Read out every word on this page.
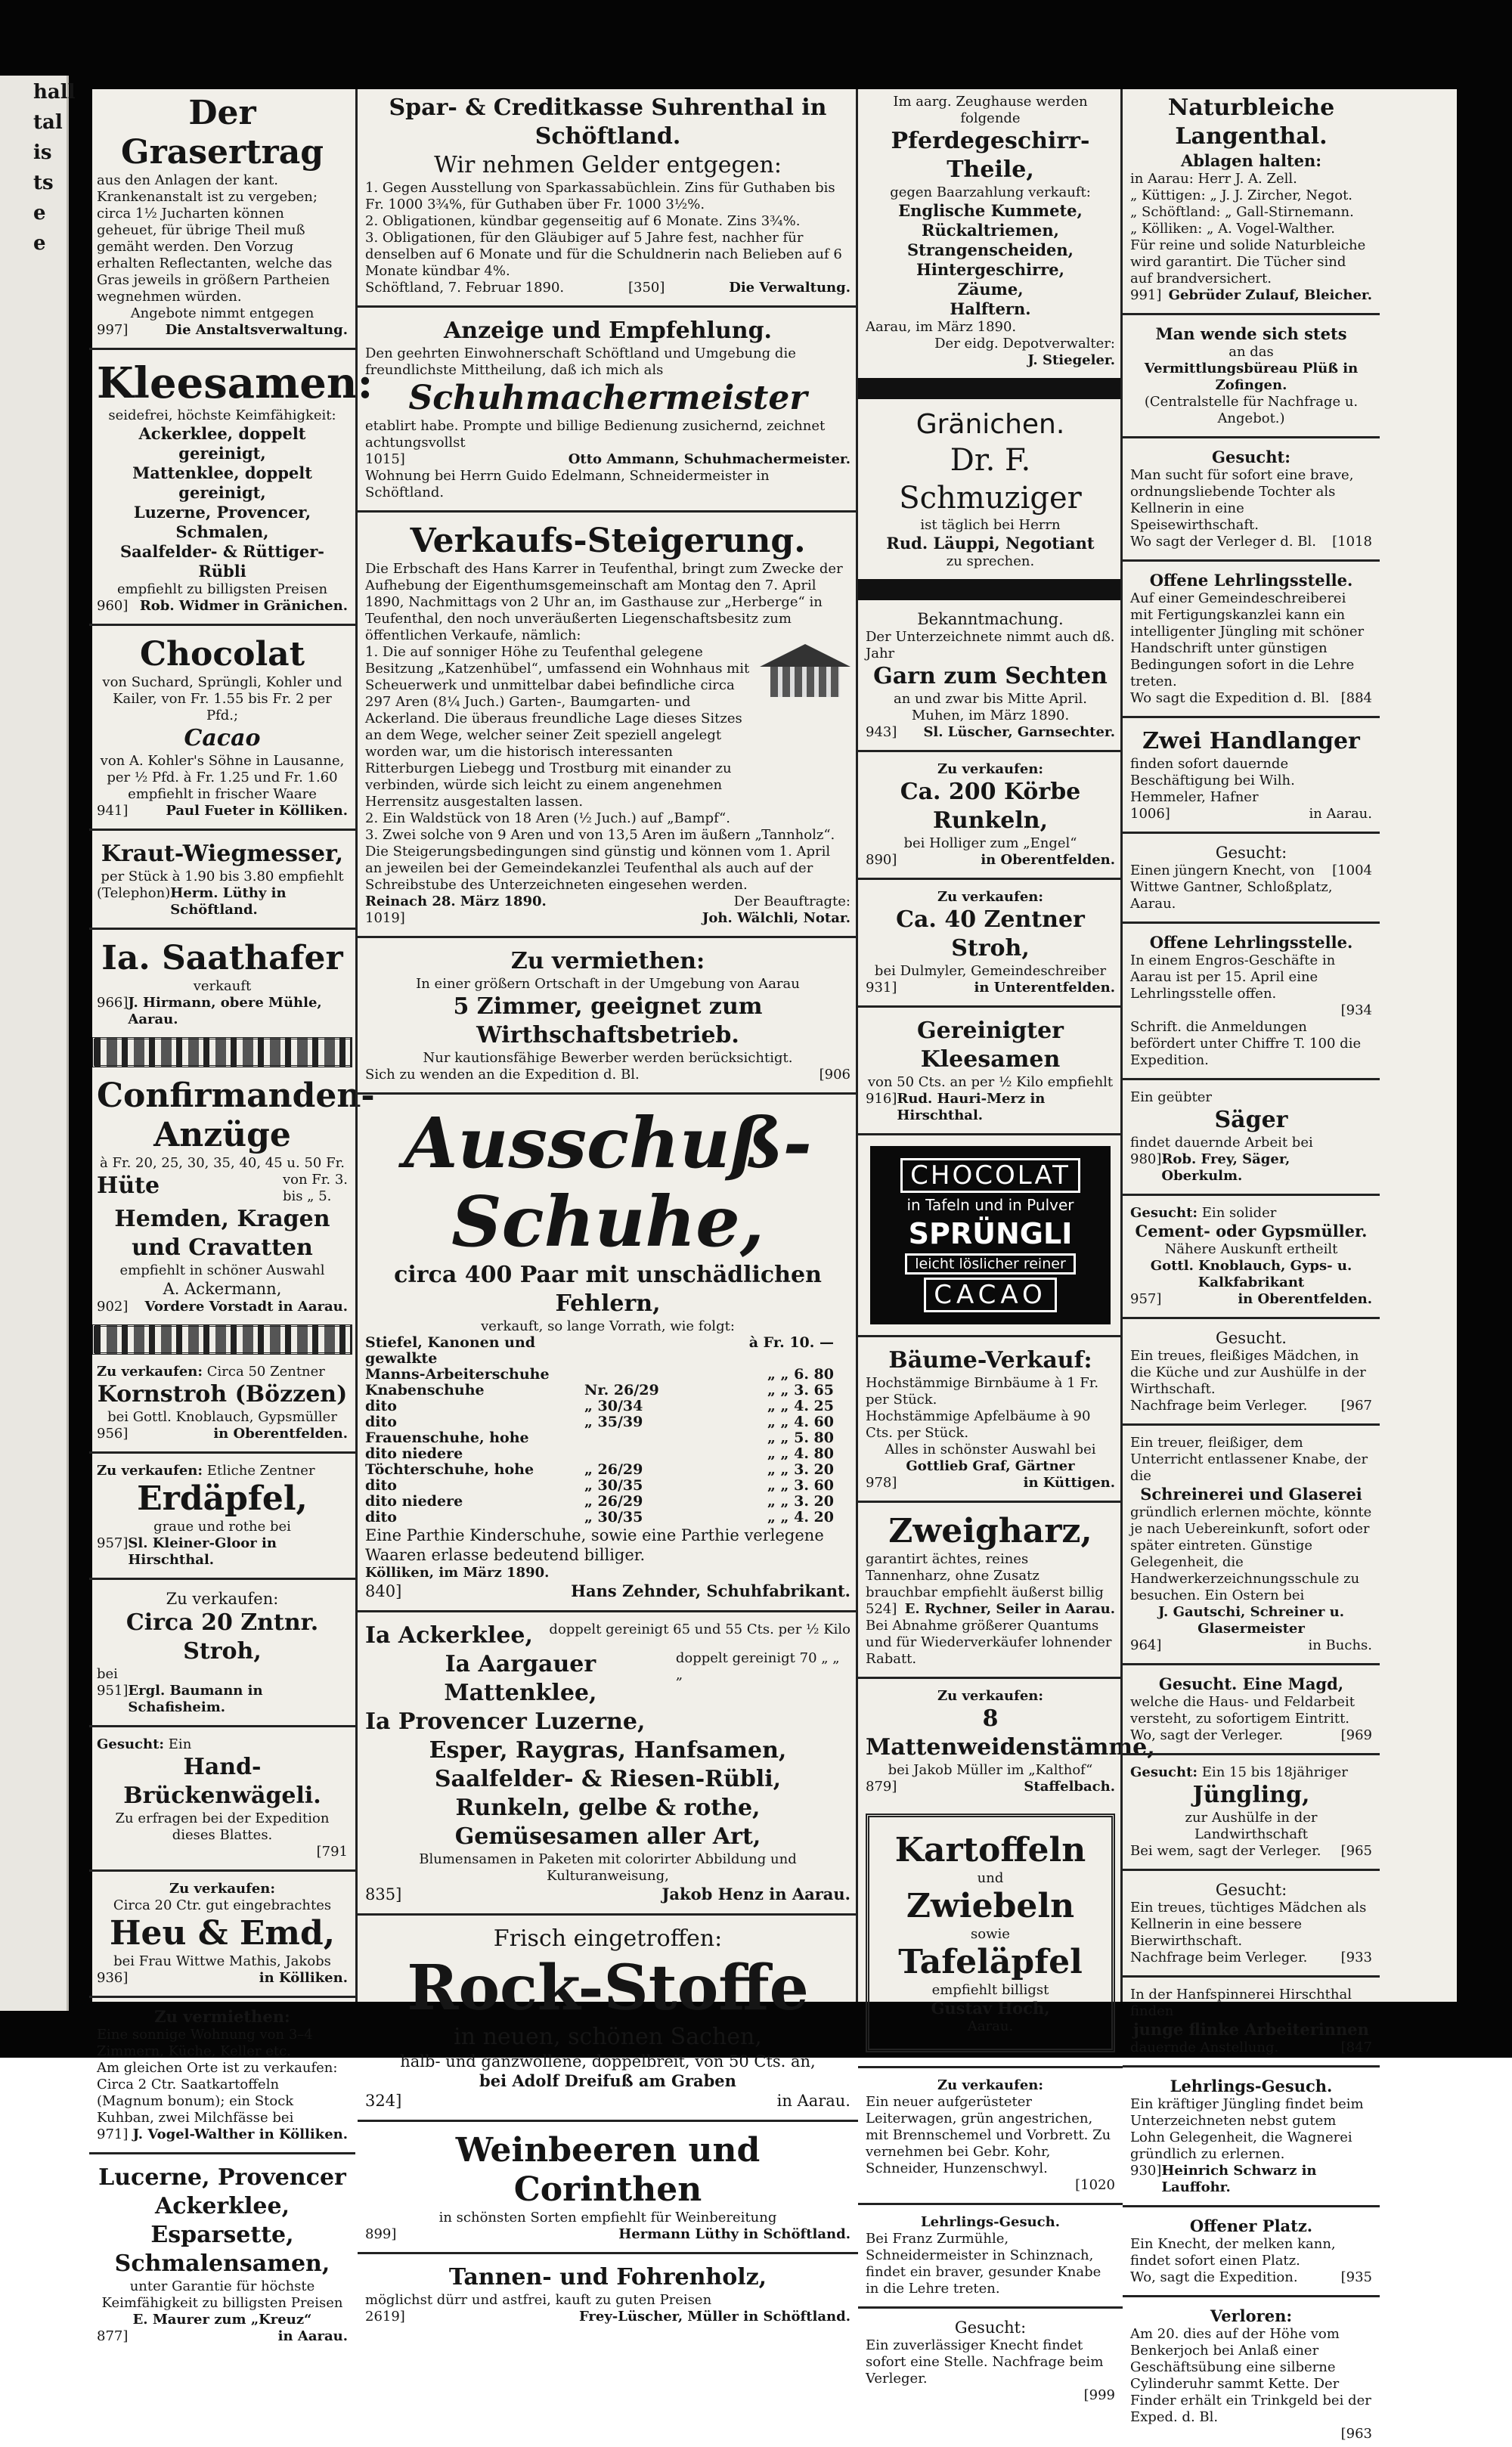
hall
tal
is
ts
e
e
Der Grasertrag
aus den Anlagen der kant. Krankenanstalt ist zu vergeben; circa 1½ Jucharten können geheuet, für übrige Theil muß gemäht werden. Den Vorzug erhalten Reflectanten, welche das Gras jeweils in größern Partheien wegnehmen würden.
Angebote nimmt entgegen
997]	Die Anstaltsverwaltung.
Kleesamen:
seidefrei, höchste Keimfähigkeit:
Ackerklee, doppelt gereinigt,
Mattenklee, doppelt gereinigt,
Luzerne, Provencer,
Schmalen,
Saalfelder- & Rüttiger-Rübli
empfiehlt zu billigsten Preisen
960] Rob. Widmer in Gränichen.
Chocolat
von Suchard, Sprüngli, Kohler und Kailer, von Fr. 1.55 bis Fr. 2 per Pfd.;
Cacao
von A. Kohler's Söhne in Lausanne, per ½ Pfd. à Fr. 1.25 und Fr. 1.60 empfiehlt in frischer Waare
941]	Paul Fueter in Kölliken.
Kraut-Wiegmesser,
per Stück à 1.90 bis 3.80 empfiehlt
(Telephon) Herm. Lüthy in Schöftland.
Ia. Saathafer
verkauft
966] J. Hirmann, obere Mühle, Aarau.
Confirmanden-
Anzüge
à Fr. 20, 25, 30, 35, 40, 45 u. 50 Fr.
Hüte	von Fr. 3.
bis „ 5.
Hemden, Kragen und Cravatten
empfiehlt in schöner Auswahl
A. Ackermann,
902] Vordere Vorstadt in Aarau.
Zu verkaufen: Circa 50 Zentner
Kornstroh (Bözzen)
bei Gottl. Knoblauch, Gypsmüller
956]	in Oberentfelden.
Zu verkaufen: Etliche Zentner
Erdäpfel,
graue und rothe bei
957] Sl. Kleiner-Gloor in Hirschthal.
Zu verkaufen:
Circa 20 Zntnr. Stroh,
bei
951] Ergl. Baumann in Schafisheim.
Gesucht: Ein
Hand-Brückenwägeli.
Zu erfragen bei der Expedition dieses Blattes.
[791
Zu verkaufen:
Circa 20 Ctr. gut eingebrachtes
Heu & Emd,
bei Frau Wittwe Mathis, Jakobs
936]	in Kölliken.
Zu vermiethen:
Eine sonnige Wohnung von 3–4 Zimmern, Küche, Keller etc.
Am gleichen Orte ist zu verkaufen: Circa 2 Ctr. Saatkartoffeln (Magnum bonum); ein Stock Kuhban, zwei Milchfässe bei
971] J. Vogel-Walther in Kölliken.
Lucerne, Provencer
Ackerklee,
Esparsette,
Schmalensamen,
unter Garantie für höchste Keimfähigkeit zu billigsten Preisen
E. Maurer zum „Kreuz“
877]	in Aarau.
Spar- & Creditkasse Suhrenthal in Schöftland.
Wir nehmen Gelder entgegen:
1. Gegen Ausstellung von Sparkassabüchlein. Zins für Guthaben bis Fr. 1000 3¾%, für Guthaben über Fr. 1000 3½%.
2. Obligationen, kündbar gegenseitig auf 6 Monate. Zins 3¾%.
3. Obligationen, für den Gläubiger auf 5 Jahre fest, nachher für denselben auf 6 Monate und für die Schuldnerin nach Belieben auf 6 Monate kündbar 4%.
Schöftland, 7. Februar 1890.	[350]	Die Verwaltung.
Anzeige und Empfehlung.
Den geehrten Einwohnerschaft Schöftland und Umgebung die freundlichste Mittheilung, daß ich mich als
Schuhmachermeister
etablirt habe. Prompte und billige Bedienung zusichernd, zeichnet achtungsvollst
1015]	Otto Ammann, Schuhmachermeister.
Wohnung bei Herrn Guido Edelmann, Schneidermeister in Schöftland.
Verkaufs-Steigerung.
Die Erbschaft des Hans Karrer in Teufenthal, bringt zum Zwecke der Aufhebung der Eigenthumsgemeinschaft am Montag den 7. April 1890, Nachmittags von 2 Uhr an, im Gasthause zur „Herberge“ in Teufenthal, den noch unveräußerten Liegenschaftsbesitz zum öffentlichen Verkaufe, nämlich:
1. Die auf sonniger Höhe zu Teufenthal gelegene Besitzung „Katzenhübel“, umfassend ein Wohnhaus mit Scheuerwerk und unmittelbar dabei befindliche circa 297 Aren (8¼ Juch.) Garten-, Baumgarten- und Ackerland. Die überaus freundliche Lage dieses Sitzes an dem Wege, welcher seiner Zeit speziell angelegt worden war, um die historisch interessanten Ritterburgen Liebegg und Trostburg mit einander zu verbinden, würde sich leicht zu einem angenehmen Herrensitz ausgestalten lassen.
2. Ein Waldstück von 18 Aren (½ Juch.) auf „Bampf“.
3. Zwei solche von 9 Aren und von 13,5 Aren im äußern „Tannholz“.
Die Steigerungsbedingungen sind günstig und können vom 1. April an jeweilen bei der Gemeindekanzlei Teufenthal als auch auf der Schreibstube des Unterzeichneten eingesehen werden.
Reinach 28. März 1890.	Der Beauftragte:
1019]	Joh. Wälchli, Notar.
Zu vermiethen:
In einer größern Ortschaft in der Umgebung von Aarau
5 Zimmer, geeignet zum Wirthschaftsbetrieb.
Nur kautionsfähige Bewerber werden berücksichtigt.
Sich zu wenden an die Expedition d. Bl.	[906
Ausschuß-Schuhe,
circa 400 Paar mit unschädlichen Fehlern,
verkauft, so lange Vorrath, wie folgt:
Stiefel, Kanonen und gewalkte
à Fr. 10. —
Manns-Arbeiterschuhe	„ „ 6. 80
Knabenschuhe	Nr. 26/29	„ „ 3. 65
dito	„ 30/34	„ „ 4. 25
dito	„ 35/39	„ „ 4. 60
Frauenschuhe, hohe	„ „ 5. 80
dito niedere	„ „ 4. 80
Töchterschuhe, hohe	„ 26/29	„ „ 3. 20
dito	„ 30/35	„ „ 3. 60
dito niedere	„ 26/29	„ „ 3. 20
dito	„ 30/35	„ „ 4. 20
Eine Parthie Kinderschuhe, sowie eine Parthie verlegene Waaren erlasse bedeutend billiger.
Kölliken, im März 1890.
840]	Hans Zehnder, Schuhfabrikant.
Ia Ackerklee, doppelt gereinigt 65 und 55 Cts. per ½ Kilo
Ia Aargauer Mattenklee,
doppelt gereinigt 70 „ „ „
Ia Provencer Luzerne,
Esper, Raygras, Hanfsamen,
Saalfelder- & Riesen-Rübli,
Runkeln, gelbe & rothe,
Gemüsesamen aller Art,
Blumensamen in Paketen mit colorirter Abbildung und Kulturanweisung,
835]	Jakob Henz in Aarau.
Frisch eingetroffen:
Rock-Stoffe
in neuen, schönen Sachen,
halb- und ganzwollene, doppelbreit, von 50 Cts. an,
bei Adolf Dreifuß am Graben
324]	in Aarau.
Weinbeeren und Corinthen
in schönsten Sorten empfiehlt für Weinbereitung
899]	Hermann Lüthy in Schöftland.
Tannen- und Fohrenholz,
möglichst dürr und astfrei, kauft zu guten Preisen
2619]	Frey-Lüscher, Müller in Schöftland.
Im aarg. Zeughause werden folgende
Pferdegeschirr-Theile,
gegen Baarzahlung verkauft:
Englische Kummete,
Rückaltriemen,
Strangenscheiden,
Hintergeschirre,
Zäume,
Halftern.
Aarau, im März 1890.
Der eidg. Depotverwalter:
J. Stiegeler.
Gränichen.
Dr. F. Schmuziger
ist täglich bei Herrn
Rud. Läuppi, Negotiant
zu sprechen.
Bekanntmachung.
Der Unterzeichnete nimmt auch dß. Jahr
Garn zum Sechten
an und zwar bis Mitte April.
Muhen, im März 1890.
943] Sl. Lüscher, Garnsechter.
Zu verkaufen:
Ca. 200 Körbe Runkeln,
bei Holliger zum „Engel“
890]	in Oberentfelden.
Zu verkaufen:
Ca. 40 Zentner Stroh,
bei Dulmyler, Gemeindeschreiber
931]	in Unterentfelden.
Gereinigter Kleesamen
von 50 Cts. an per ½ Kilo empfiehlt
916] Rud. Hauri-Merz in Hirschthal.
CHOCOLAT
in Tafeln und in Pulver
SPRÜNGLI
leicht löslicher reiner
CACAO
Bäume-Verkauf:
Hochstämmige Birnbäume à 1 Fr. per Stück.
Hochstämmige Apfelbäume à 90 Cts. per Stück.
Alles in schönster Auswahl bei
Gottlieb Graf, Gärtner
978]	in Küttigen.
Zweigharz,
garantirt ächtes, reines Tannenharz, ohne Zusatz brauchbar empfiehlt äußerst billig
524] E. Rychner, Seiler in Aarau.
Bei Abnahme größerer Quantums und für Wiederverkäufer lohnender Rabatt.
Zu verkaufen:
8 Mattenweidenstämme,
bei Jakob Müller im „Kalthof“
879]	Staffelbach.
Kartoffeln
und
Zwiebeln
sowie
Tafeläpfel
empfiehlt billigst
Gustav Hoch,
Aarau.
Zu verkaufen:
Ein neuer aufgerüsteter Leiterwagen, grün angestrichen, mit Brennschemel und Vorbrett. Zu vernehmen bei Gebr. Kohr, Schneider, Hunzenschwyl.
[1020
Lehrlings-Gesuch.
Bei Franz Zurmühle, Schneidermeister in Schinznach, findet ein braver, gesunder Knabe in die Lehre treten.
Gesucht:
Ein zuverlässiger Knecht findet sofort eine Stelle. Nachfrage beim Verleger.
[999
Naturbleiche
Langenthal.
Ablagen halten:
in Aarau: Herr J. A. Zell.
„ Küttigen: „ J. J. Zircher, Negot.
„ Schöftland: „ Gall-Stirnemann.
„ Kölliken: „ A. Vogel-Walther.
Für reine und solide Naturbleiche wird garantirt. Die Tücher sind auf brandversichert.
991] Gebrüder Zulauf, Bleicher.
Man wende sich stets
an das
Vermittlungsbüreau Plüß in Zofingen.
(Centralstelle für Nachfrage u. Angebot.)
Gesucht:
Man sucht für sofort eine brave, ordnungsliebende Tochter als Kellnerin in eine Speisewirthschaft.
Wo sagt der Verleger d. Bl. [1018
Offene Lehrlingsstelle.
Auf einer Gemeindeschreiberei mit Fertigungskanzlei kann ein intelligenter Jüngling mit schöner Handschrift unter günstigen Bedingungen sofort in die Lehre treten.
Wo sagt die Expedition d. Bl. [884
Zwei Handlanger
finden sofort dauernde Beschäftigung bei Wilh. Hemmeler, Hafner
1006]	in Aarau.
Gesucht:
Einen jüngern Knecht, von [1004
Wittwe Gantner, Schloßplatz, Aarau.
Offene Lehrlingsstelle.
In einem Engros-Geschäfte in Aarau ist per 15. April eine Lehrlingsstelle offen.
[934
Schrift. die Anmeldungen befördert unter Chiffre T. 100 die Expedition.
Ein geübter
Säger
findet dauernde Arbeit bei
980] Rob. Frey, Säger, Oberkulm.
Gesucht: Ein solider
Cement- oder Gypsmüller.
Nähere Auskunft ertheilt
Gottl. Knoblauch, Gyps- u. Kalkfabrikant
957]	in Oberentfelden.
Gesucht.
Ein treues, fleißiges Mädchen, in die Küche und zur Aushülfe in der Wirthschaft.
Nachfrage beim Verleger. [967
Ein treuer, fleißiger, dem Unterricht entlassener Knabe, der die
Schreinerei und Glaserei
gründlich erlernen möchte, könnte je nach Uebereinkunft, sofort oder später eintreten. Günstige Gelegenheit, die Handwerkerzeichnungsschule zu besuchen. Ein Ostern bei
J. Gautschi, Schreiner u. Glasermeister
964]	in Buchs.
Gesucht. Eine Magd,
welche die Haus- und Feldarbeit versteht, zu sofortigem Eintritt.
Wo, sagt der Verleger.	[969
Gesucht: Ein 15 bis 18jähriger
Jüngling,
zur Aushülfe in der Landwirthschaft
Bei wem, sagt der Verleger. [965
Gesucht:
Ein treues, tüchtiges Mädchen als Kellnerin in eine bessere Bierwirthschaft.
Nachfrage beim Verleger. [933
In der Hanfspinnerei Hirschthal finden
junge flinke Arbeiterinnen
dauernde Anstellung.	[847
Lehrlings-Gesuch.
Ein kräftiger Jüngling findet beim Unterzeichneten nebst gutem Lohn Gelegenheit, die Wagnerei gründlich zu erlernen.
930] Heinrich Schwarz in Lauffohr.
Offener Platz.
Ein Knecht, der melken kann, findet sofort einen Platz.
Wo, sagt die Expedition.	[935
Verloren:
Am 20. dies auf der Höhe vom Benkerjoch bei Anlaß einer Geschäftsübung eine silberne Cylinderuhr sammt Kette. Der Finder erhält ein Trinkgeld bei der Exped. d. Bl.
[963
